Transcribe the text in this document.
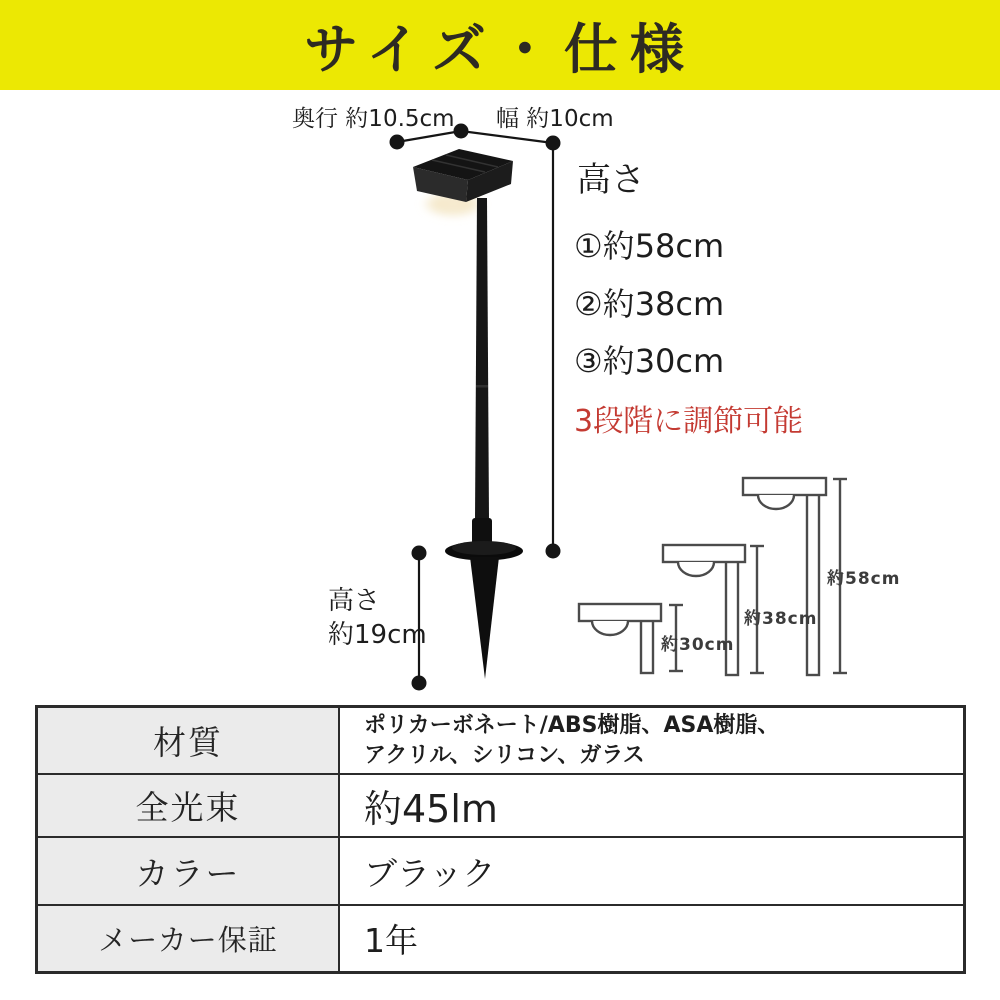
サイズ・仕様
奥行 約10.5cm 幅 約10cm
高さ
①約58cm
②約38cm
③約30cm
3段階に調節可能
高さ
約19cm	約30cm
約38cm
約58cm
材質	ポリカーボネート/ABS樹脂、ASA樹脂、
アクリル、シリコン、ガラス
全光束	約45lm
カラー	ブラック
メーカー保証	1年
